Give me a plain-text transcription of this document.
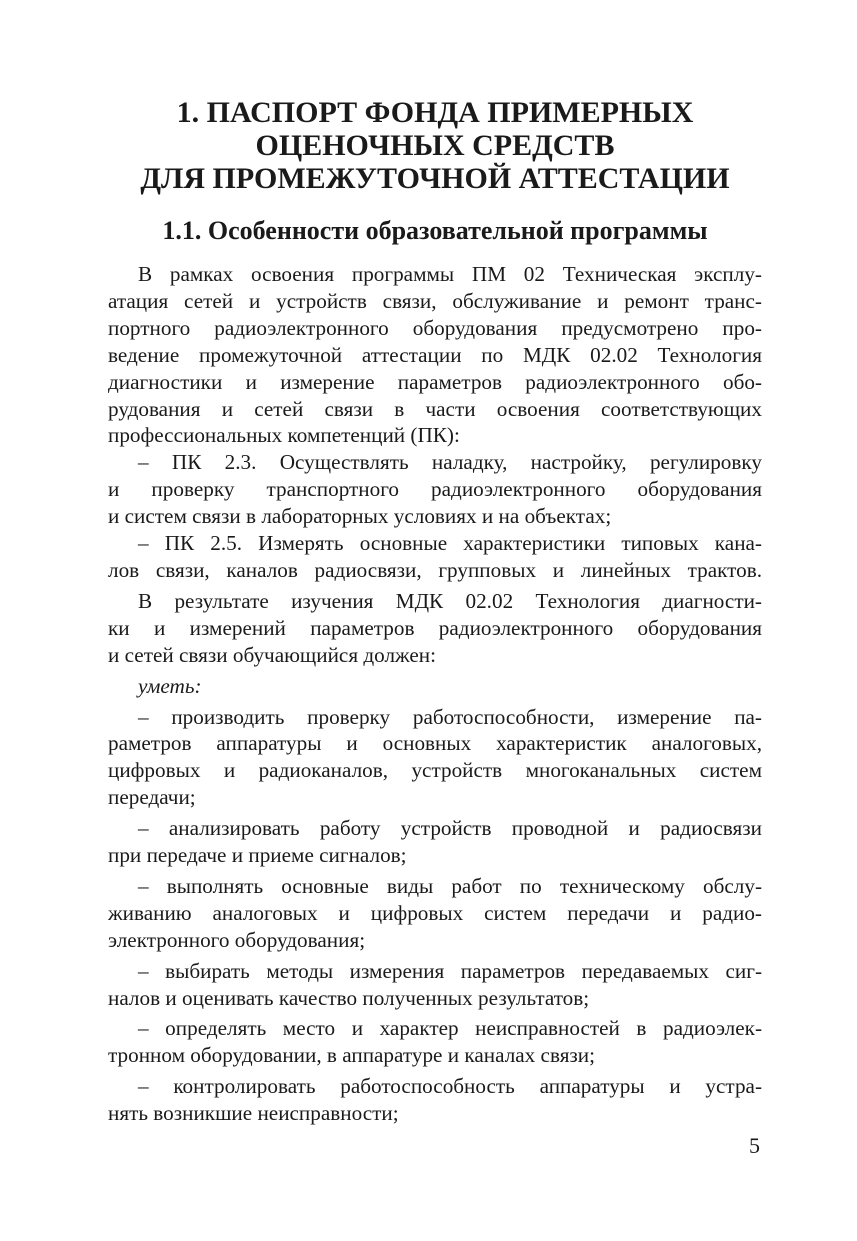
1. ПАСПОРТ ФОНДА ПРИМЕРНЫХ
ОЦЕНОЧНЫХ СРЕДСТВ
ДЛЯ ПРОМЕЖУТОЧНОЙ АТТЕСТАЦИИ
1.1. Особенности образовательной программы
В рамках освоения программы ПМ 02 Техническая эксплу-
атация сетей и устройств связи, обслуживание и ремонт транс-
портного радиоэлектронного оборудования предусмотрено про-
ведение промежуточной аттестации по МДК 02.02 Технология
диагностики и измерение параметров радиоэлектронного обо-
рудования и сетей связи в части освоения соответствующих
профессиональных компетенций (ПК):
– ПК 2.3. Осуществлять наладку, настройку, регулировку
и проверку транспортного радиоэлектронного оборудования
и систем связи в лабораторных условиях и на объектах;
– ПК 2.5. Измерять основные характеристики типовых кана-
лов связи, каналов радиосвязи, групповых и линейных трактов.
В результате изучения МДК 02.02 Технология диагности-
ки и измерений параметров радиоэлектронного оборудования
и сетей связи обучающийся должен:
уметь:
– производить проверку работоспособности, измерение па-
раметров аппаратуры и основных характеристик аналоговых,
цифровых и радиоканалов, устройств многоканальных систем
передачи;
– анализировать работу устройств проводной и радиосвязи
при передаче и приеме сигналов;
– выполнять основные виды работ по техническому обслу-
живанию аналоговых и цифровых систем передачи и радио-
электронного оборудования;
– выбирать методы измерения параметров передаваемых сиг-
налов и оценивать качество полученных результатов;
– определять место и характер неисправностей в радиоэлек-
тронном оборудовании, в аппаратуре и каналах связи;
– контролировать работоспособность аппаратуры и устра-
нять возникшие неисправности;
5
